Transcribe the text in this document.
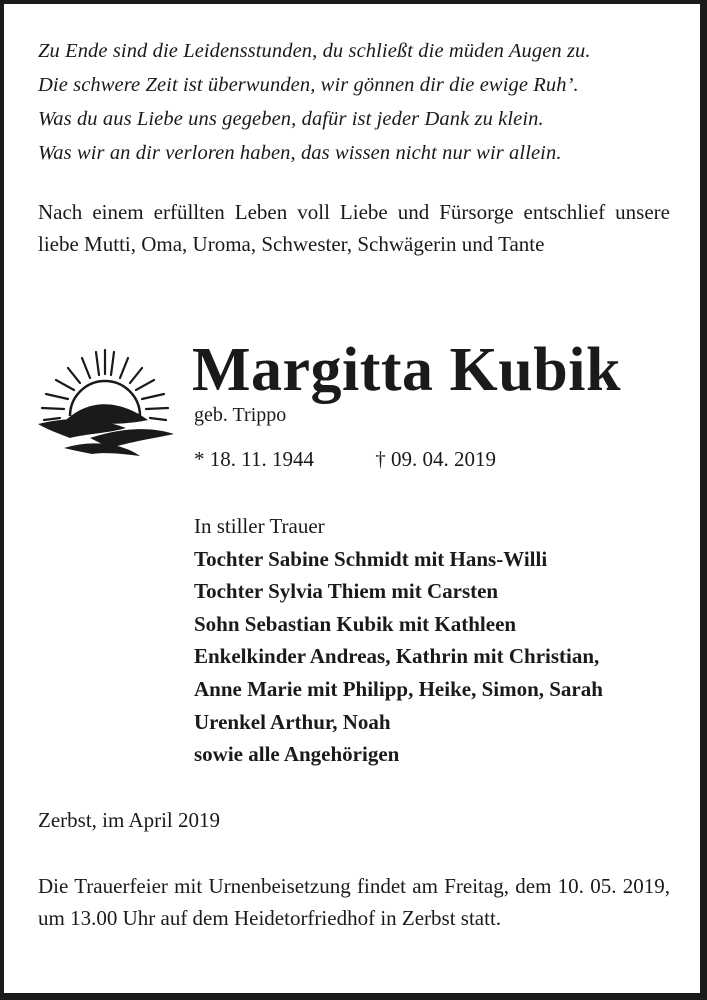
Zu Ende sind die Leidensstunden, du schließt die müden Augen zu.
Die schwere Zeit ist überwunden, wir gönnen dir die ewige Ruh’.
Was du aus Liebe uns gegeben, dafür ist jeder Dank zu klein.
Was wir an dir verloren haben, das wissen nicht nur wir allein.
Nach einem erfüllten Leben voll Liebe und Fürsorge entschlief unsere liebe Mutti, Oma, Uroma, Schwester, Schwägerin und Tante
Margitta Kubik
geb. Trippo
* 18. 11. 1944	† 09. 04. 2019
In stiller Trauer
Tochter Sabine Schmidt mit Hans-Willi
Tochter Sylvia Thiem mit Carsten
Sohn Sebastian Kubik mit Kathleen
Enkelkinder Andreas, Kathrin mit Christian,
Anne Marie mit Philipp, Heike, Simon, Sarah
Urenkel Arthur, Noah
sowie alle Angehörigen
Zerbst, im April 2019
Die Trauerfeier mit Urnenbeisetzung findet am Freitag, dem 10. 05. 2019, um 13.00 Uhr auf dem Heidetorfriedhof in Zerbst statt.
